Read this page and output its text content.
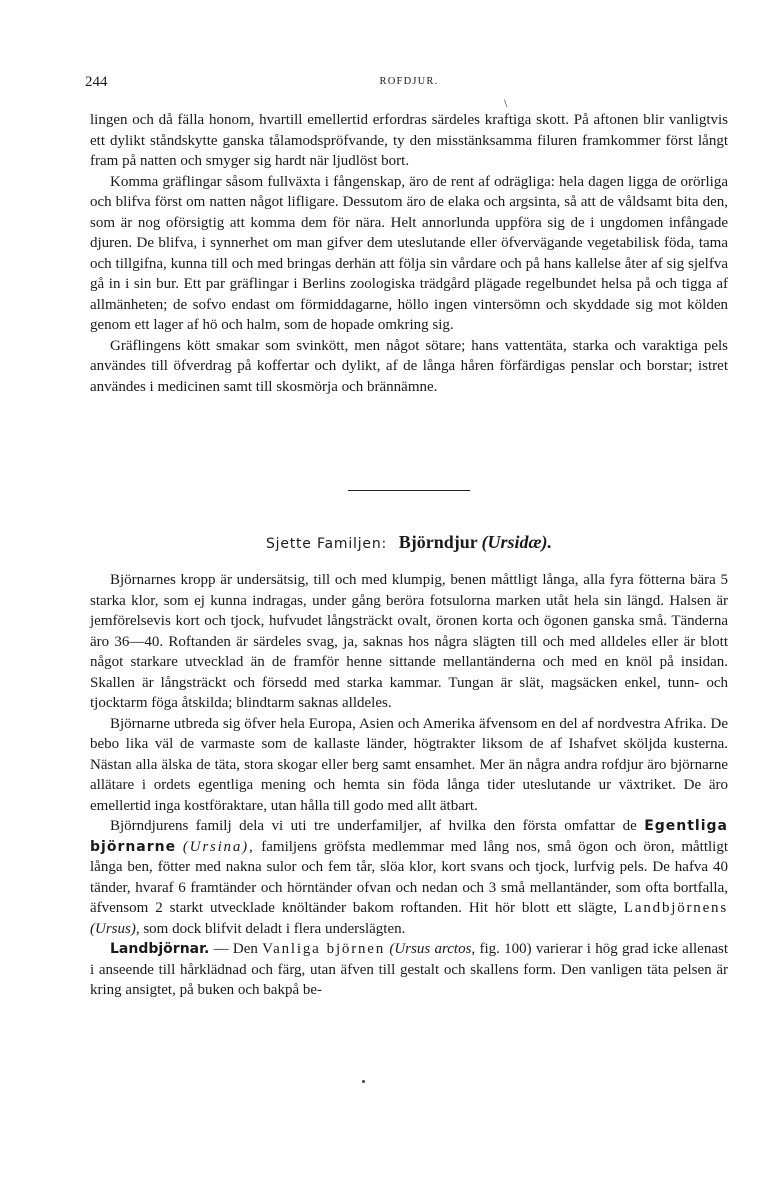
244	ROFDJUR.

lingen och då fälla honom, hvartill emellertid erfordras särdeles kraftiga skott. På aftonen blir vanligtvis ett dylikt ståndskytte ganska tålamodspröfvande, ty den misstänksamma filuren framkommer först långt fram på natten och smyger sig hardt när ljudlöst bort.

Komma gräflingar såsom fullväxta i fångenskap, äro de rent af odrägliga: hela dagen ligga de orörliga och blifva först om natten något lifligare. Dessutom äro de elaka och argsinta, så att de våldsamt bita den, som är nog oförsigtig att komma dem för nära. Helt annorlunda uppföra sig de i ungdomen infångade djuren. De blifva, i synnerhet om man gifver dem uteslutande eller öfvervägande vegetabilisk föda, tama och tillgifna, kunna till och med bringas derhän att följa sin vårdare och på hans kallelse åter af sig sjelfva gå in i sin bur. Ett par gräflingar i Berlins zoologiska trädgård plägade regelbundet helsa på och tigga af allmänheten; de sofvo endast om förmiddagarne, höllo ingen vintersömn och skyddade sig mot kölden genom ett lager af hö och halm, som de hopade omkring sig.

Gräflingens kött smakar som svinkött, men något sötare; hans vattentäta, starka och varaktiga pels användes till öfverdrag på koffertar och dylikt, af de långa håren förfärdigas penslar och borstar; istret användes i medicinen samt till skosmörja och brännämne.

Sjette Familjen: Björndjur (Ursidæ).

Björnarnes kropp är undersätsig, till och med klumpig, benen måttligt långa, alla fyra fötterna bära 5 starka klor, som ej kunna indragas, under gång berörа fotsulorna marken utåt hela sin längd. Halsen är jemförelsevis kort och tjock, hufvudet långsträckt ovalt, öronen korta och ögonen ganska små. Tänderna äro 36—40. Roftanden är särdeles svag, ja, saknas hos några slägten till och med alldeles eller är blott något starkare utvecklad än de framför henne sittande mellantänderna och med en knöl på insidan. Skallen är långsträckt och försedd med starka kammar. Tungan är slät, magsäcken enkel, tunn- och tjocktarm föga åtskilda; blindtarm saknas alldeles.

Björnarne utbreda sig öfver hela Europa, Asien och Amerika äfvensom en del af nordvestra Afrika. De bebo lika väl de varmaste som de kallaste länder, högtrakter liksom de af Ishafvet sköljda kusterna. Nästan alla älska de täta, stora skogar eller berg samt ensamhet. Mer än några andra rofdjur äro björnarne allätare i ordets egentliga mening och hemta sin föda långa tider uteslutande ur växtriket. De äro emellertid inga kostföraktare, utan hålla till godo med allt ätbart.

Björndjurens familj dela vi uti tre underfamiljer, af hvilka den första omfattar de Egentliga björnarne (Ursina), familjens gröfsta medlemmar med lång nos, små ögon och öron, måttligt långa ben, fötter med nakna sulor och fem tår, slöa klor, kort svans och tjock, lurfvig pels. De hafva 40 tänder, hvaraf 6 framtänder och hörntänder ofvan och nedan och 3 små mellantänder, som ofta bortfalla, äfvensom 2 starkt utvecklade knöltänder bakom roftanden. Hit hör blott ett slägte, Landbjörnens (Ursus), som dock blifvit deladt i flera underslägten.

Landbjörnar. — Den Vanliga björnen (Ursus arctos, fig. 100) varierar i hög grad icke allenast i anseende till hårklädnad och färg, utan äfven till gestalt och skallens form. Den vanligen täta pelsen är kring ansigtet, på buken och bakpå be-

\
